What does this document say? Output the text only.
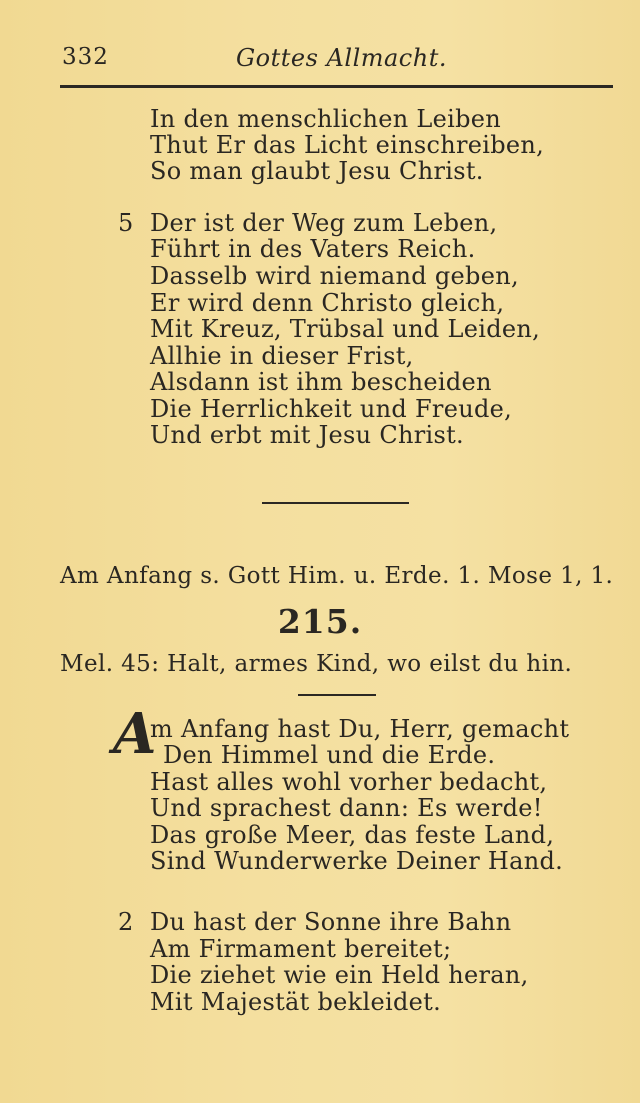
332	Gottes Allmacht.
In den menschlichen Leiben
Thut Er das Licht einschreiben,
So man glaubt Jesu Christ.
5 Der ist der Weg zum Leben,
Führt in des Vaters Reich.
Dasselb wird niemand geben,
Er wird denn Christo gleich,
Mit Kreuz, Trübsal und Leiden,
Allhie in dieser Frist,
Alsdann ist ihm bescheiden
Die Herrlichkeit und Freude,
Und erbt mit Jesu Christ.
Am Anfang s. Gott Him. u. Erde. 1. Mose 1, 1.
215.
Mel. 45: Halt, armes Kind, wo eilst du hin.
A
m Anfang hast Du, Herr, gemacht
Den Himmel und die Erde.
Hast alles wohl vorher bedacht,
Und sprachest dann: Es werde!
Das große Meer, das feste Land,
Sind Wunderwerke Deiner Hand.
2 Du hast der Sonne ihre Bahn
Am Firmament bereitet;
Die ziehet wie ein Held heran,
Mit Majestät bekleidet.
